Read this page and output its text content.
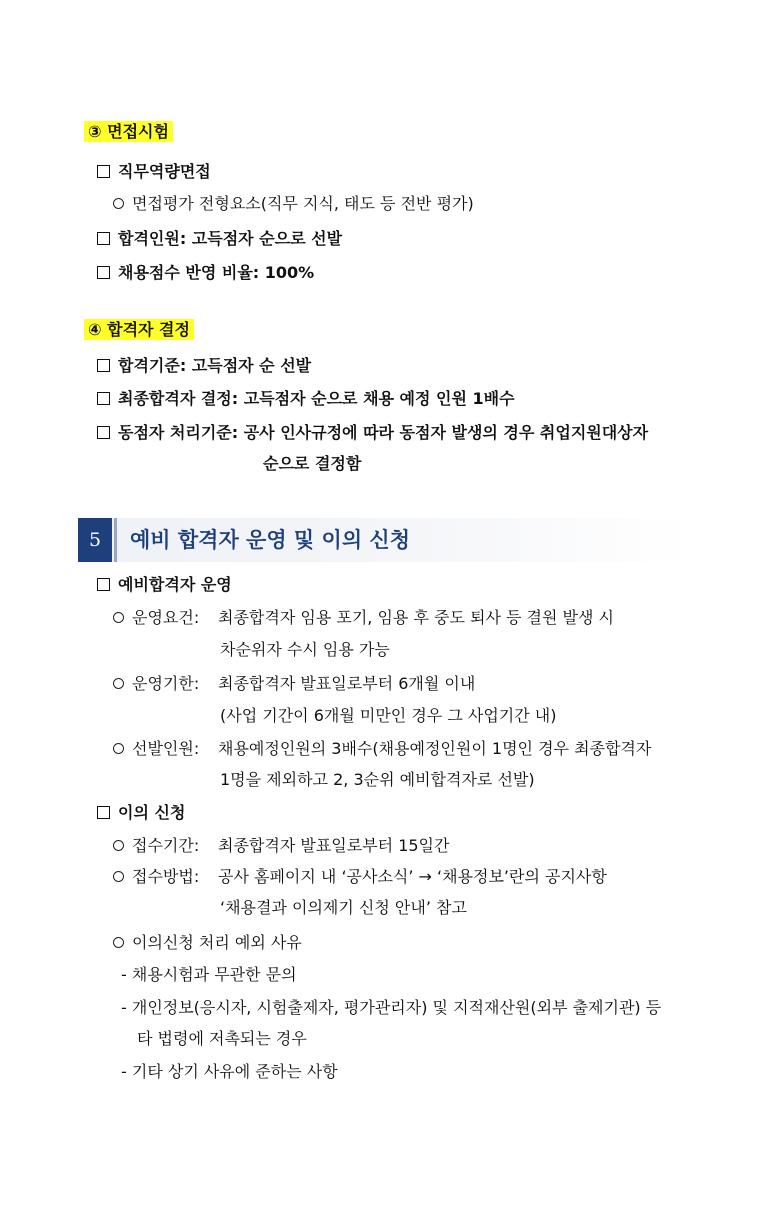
③ 면접시험
직무역량면접
면접평가 전형요소(직무 지식, 태도 등 전반 평가)
합격인원: 고득점자 순으로 선발
채용점수 반영 비율: 100%
④ 합격자 결정
합격기준: 고득점자 순 선발
최종합격자 결정: 고득점자 순으로 채용 예정 인원 1배수
동점자 처리기준: 공사 인사규정에 따라 동점자 발생의 경우 취업지원대상자
순으로 결정함
5	예비 합격자 운영 및 이의 신청
예비합격자 운영
운영요건: 최종합격자 임용 포기, 임용 후 중도 퇴사 등 결원 발생 시
차순위자 수시 임용 가능
운영기한: 최종합격자 발표일로부터 6개월 이내
(사업 기간이 6개월 미만인 경우 그 사업기간 내)
선발인원: 채용예정인원의 3배수(채용예정인원이 1명인 경우 최종합격자
1명을 제외하고 2, 3순위 예비합격자로 선발)
이의 신청
접수기간: 최종합격자 발표일로부터 15일간
접수방법: 공사 홈페이지 내 ‘공사소식’ → ‘채용정보’란의 공지사항
‘채용결과 이의제기 신청 안내’ 참고
이의신청 처리 예외 사유
- 채용시험과 무관한 문의
- 개인정보(응시자, 시험출제자, 평가관리자) 및 지적재산원(외부 출제기관) 등
타 법령에 저촉되는 경우
- 기타 상기 사유에 준하는 사항
